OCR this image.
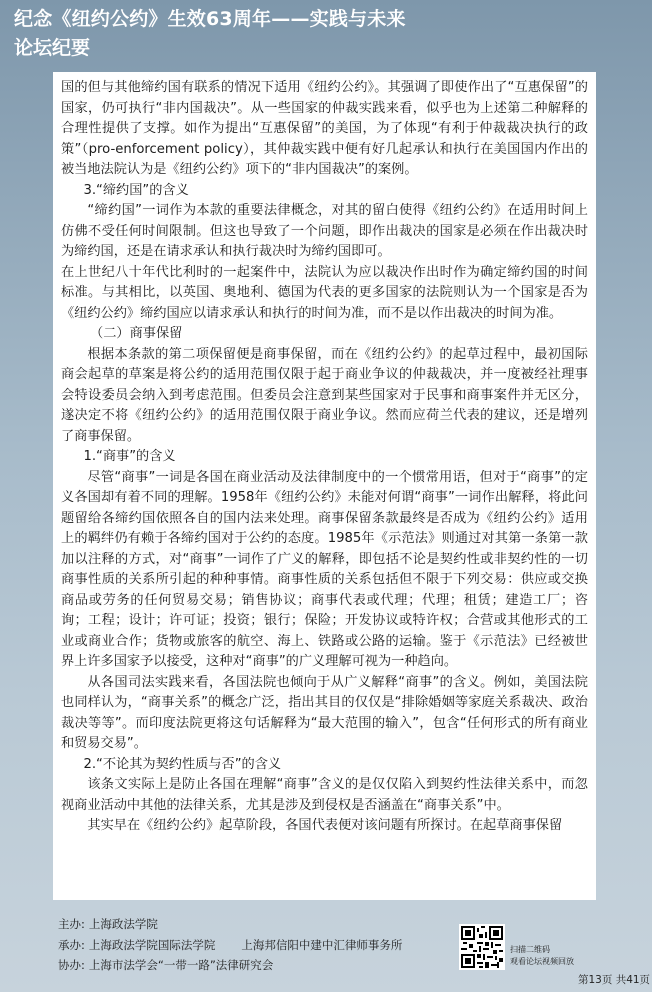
纪念《纽约公约》生效63周年——实践与未来
论坛纪要

国的但与其他缔约国有联系的情况下适用《纽约公约》。其强调了即使作出了“互惠保留”的国家，仍可执行“非内国裁决”。从一些国家的仲裁实践来看，似乎也为上述第二种解释的合理性提供了支撑。如作为提出“互惠保留”的美国，为了体现“有利于仲裁裁决执行的政策”（pro-enforcement policy），其仲裁实践中便有好几起承认和执行在美国国内作出的被当地法院认为是《纽约公约》项下的“非内国裁决”的案例。

3.“缔约国”的含义

“缔约国”一词作为本款的重要法律概念，对其的留白使得《纽约公约》在适用时间上仿佛不受任何时间限制。但这也导致了一个问题，即作出裁决的国家是必须在作出裁决时为缔约国，还是在请求承认和执行裁决时为缔约国即可。

在上世纪八十年代比利时的一起案件中，法院认为应以裁决作出时作为确定缔约国的时间标准。与其相比，以英国、奥地利、德国为代表的更多国家的法院则认为一个国家是否为《纽约公约》缔约国应以请求承认和执行的时间为准，而不是以作出裁决的时间为准。

（二）商事保留

根据本条款的第二项保留便是商事保留，而在《纽约公约》的起草过程中，最初国际商会起草的草案是将公约的适用范围仅限于起于商业争议的仲裁裁决，并一度被经社理事会特设委员会纳入到考虑范围。但委员会注意到某些国家对于民事和商事案件并无区分，遂决定不将《纽约公约》的适用范围仅限于商业争议。然而应荷兰代表的建议，还是增列了商事保留。

1.“商事”的含义

尽管“商事”一词是各国在商业活动及法律制度中的一个惯常用语，但对于“商事”的定义各国却有着不同的理解。1958年《纽约公约》未能对何谓“商事”一词作出解释，将此问题留给各缔约国依照各自的国内法来处理。商事保留条款最终是否成为《纽约公约》适用上的羁绊仍有赖于各缔约国对于公约的态度。1985年《示范法》则通过对其第一条第一款加以注释的方式，对“商事”一词作了广义的解释，即包括不论是契约性或非契约性的一切商事性质的关系所引起的种种事情。商事性质的关系包括但不限于下列交易：供应或交换商品或劳务的任何贸易交易；销售协议；商事代表或代理；代理；租赁；建造工厂；咨询；工程；设计；许可证；投资；银行；保险；开发协议或特许权；合营或其他形式的工业或商业合作；货物或旅客的航空、海上、铁路或公路的运输。鉴于《示范法》已经被世界上许多国家予以接受，这种对“商事”的广义理解可视为一种趋向。

从各国司法实践来看，各国法院也倾向于从广义解释“商事”的含义。例如，美国法院也同样认为，“商事关系”的概念广泛，指出其目的仅仅是“排除婚姻等家庭关系裁决、政治裁决等等”。而印度法院更将这句话解释为“最大范围的输入”，包含“任何形式的所有商业和贸易交易”。

2.“不论其为契约性质与否”的含义

该条文实际上是防止各国在理解“商事”含义的是仅仅陷入到契约性法律关系中，而忽视商业活动中其他的法律关系，尤其是涉及到侵权是否涵盖在“商事关系”中。

其实早在《纽约公约》起草阶段，各国代表便对该问题有所探讨。在起草商事保留

主办: 上海政法学院
承办: 上海政法学院国际法学院 上海邦信阳中建中汇律师事务所
协办: 上海市法学会“一带一路”法律研究会
扫描二维码
观看论坛视频回放
第13页 共41页
